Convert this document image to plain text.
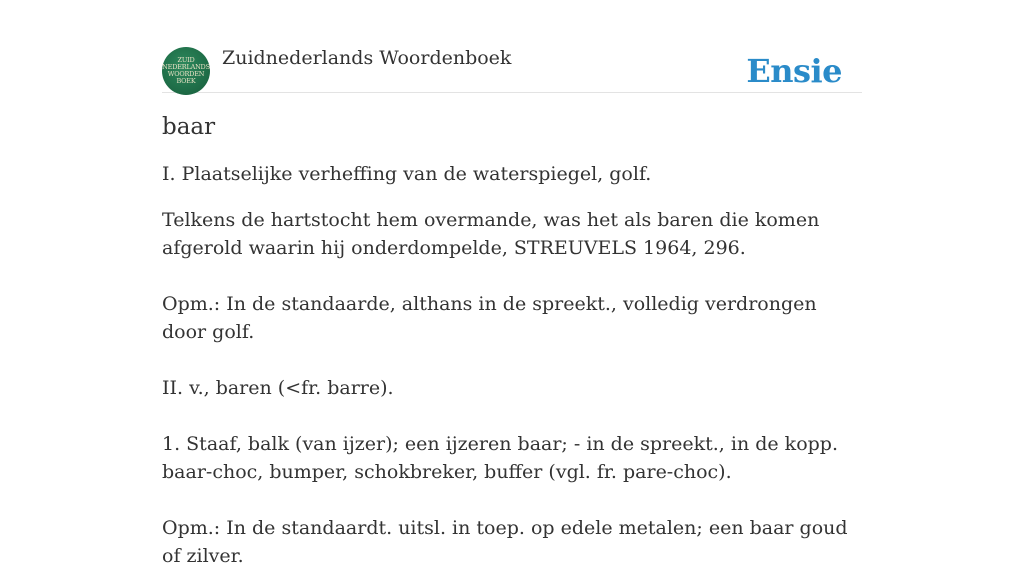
ZUID
NEDERLANDS
WOORDEN
BOEK
Zuidnederlands Woordenboek	Ensie
baar

I. Plaatselijke verheffing van de waterspiegel, golf.

Telkens de hartstocht hem overmande, was het als baren die komen afgerold waarin hij onderdompelde, STREUVELS 1964, 296.

Opm.: In de standaarde, althans in de spreekt., volledig verdrongen door golf.

II. v., baren (<fr. barre).

1. Staaf, balk (van ijzer); een ijzeren baar; - in de spreekt., in de kopp. baar-choc, bumper, schokbreker, buffer (vgl. fr. pare-choc).

Opm.: In de standaardt. uitsl. in toep. op edele metalen; een baar goud of zilver.
